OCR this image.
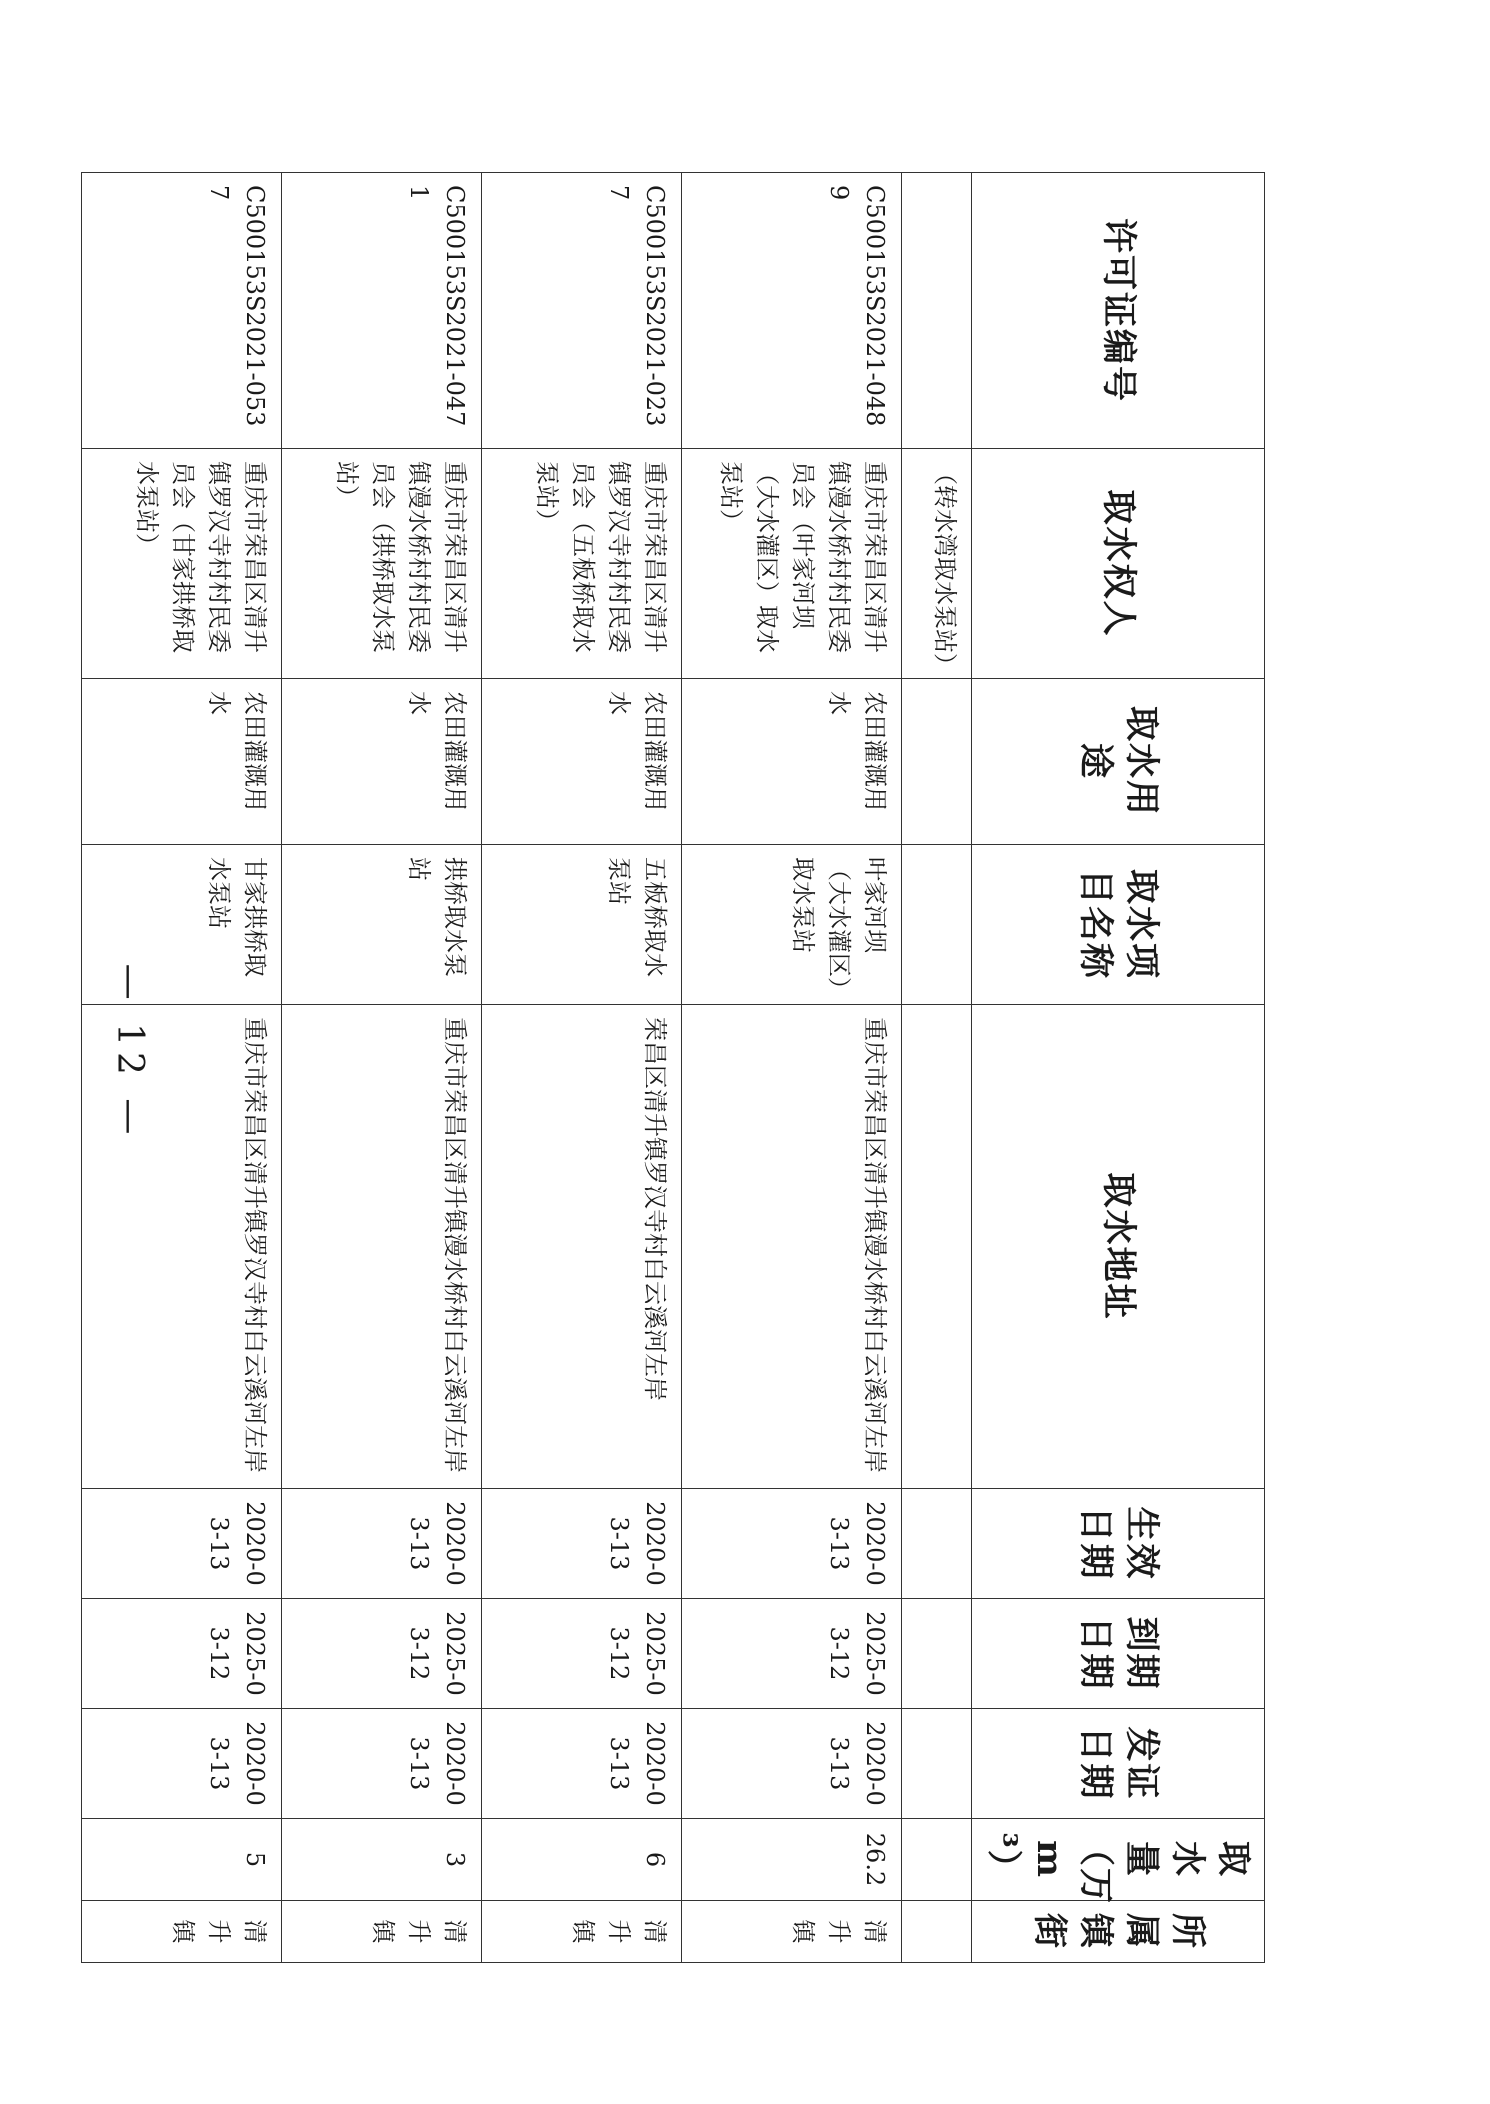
许可证编号	取水权人	取水用途	取水项目名称	取水地址	生效日期	到期日期	发证日期	取水量（万m³）	所属镇街
	（转水湾取水泵站）								
C500153S2021-0489	重庆市荣昌区清升镇漫水桥村村民委员会（叶家河坝（大水灌区）取水泵站）	农田灌溉用水	叶家河坝（大水灌区）取水泵站	重庆市荣昌区清升镇漫水桥村白云溪河左岸	2020-03-13	2025-03-12	2020-03-13	26.2	清升镇
C500153S2021-0237	重庆市荣昌区清升镇罗汉寺村村民委员会（五板桥取水泵站）	农田灌溉用水	五板桥取水泵站	荣昌区清升镇罗汉寺村白云溪河左岸	2020-03-13	2025-03-12	2020-03-13	6	清升镇
C500153S2021-0471	重庆市荣昌区清升镇漫水桥村村民委员会（拱桥取水泵站）	农田灌溉用水	拱桥取水泵站	重庆市荣昌区清升镇漫水桥村白云溪河左岸	2020-03-13	2025-03-12	2020-03-13	3	清升镇
C500153S2021-0537	重庆市荣昌区清升镇罗汉寺村村民委员会（甘家拱桥取水泵站）	农田灌溉用水	甘家拱桥取水泵站	重庆市荣昌区清升镇罗汉寺村白云溪河左岸	2020-03-13	2025-03-12	2020-03-13	5	清升镇
— 12 —
